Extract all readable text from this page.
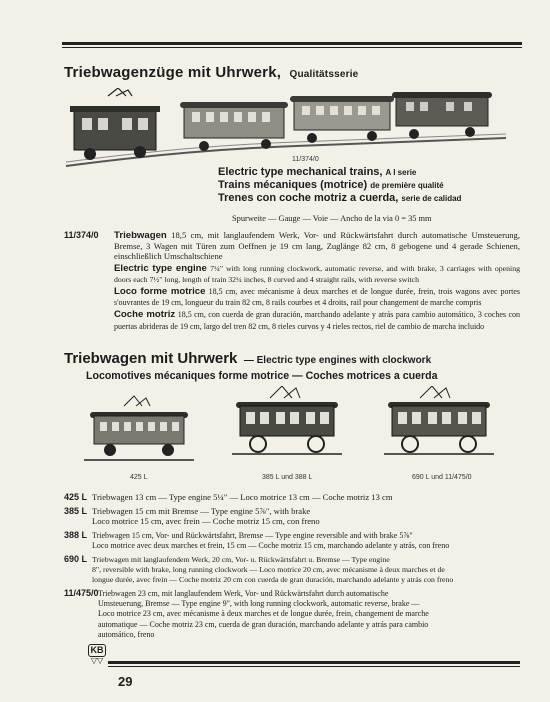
Triebwagenzüge mit Uhrwerk, Qualitätsserie
11/374/0
Electric type mechanical trains, A I serie
Trains mécaniques (motrice) de première qualité
Trenes con coche motriz a cuerda, serie de calidad
Spurweite — Gauge — Voie — Ancho de la via 0 = 35 mm
11/374/0 Triebwagen 18,5 cm, mit langlaufendem Werk, Vor- und Rückwärtsfahrt durch automatische Umsteuerung, Bremse, 3 Wagen mit Türen zum Oeffnen je 19 cm lang, Zuglänge 82 cm, 8 gebogene und 4 gerade Schienen, einschließlich Umschaltschiene
Electric type engine 7¼" with long running clockwork, automatic reverse, and with brake, 3 carriages with opening doors each 7½" long, length of train 32¼ inches, 8 curved and 4 straight rails, with reverse switch
Loco forme motrice 18,5 cm, avec mécanisme à deux marches et de longue durée, frein, trois wagons avec portes s'ouvrantes de 19 cm, longueur du train 82 cm, 8 rails courbes et 4 droits, rail pour changement de marche compris
Coche motriz 18,5 cm, con cuerda de gran duración, marchando adelante y atrás para cambio automático, 3 coches con puertas abrideras de 19 cm, largo del tren 82 cm, 8 rieles curvos y 4 rieles rectos, riel de cambio de marcha incluido
Triebwagen mit Uhrwerk — Electric type engines with clockwork
Locomotives mécaniques forme motrice — Coches motrices a cuerda
425 L	385 L und 388 L	690 L und 11/475/0
425 L Triebwagen 13 cm — Type engine 5¼" — Loco motrice 13 cm — Coche motriz 13 cm
385 L Triebwagen 15 cm mit Bremse — Type engine 5⅞", with brake
Loco motrice 15 cm, avec frein — Coche motriz 15 cm, con freno
388 L Triebwagen 15 cm, Vor- und Rückwärtsfahrt, Bremse — Type engine reversible and with brake 5⅞"
Loco motrice avec deux marches et frein, 15 cm — Coche motriz 15 cm, marchando adelante y atrás, con freno
690 L Triebwagen mit langlaufendem Werk, 20 cm, Vor- u. Rückwärtsfahrt u. Bremse — Type engine
8", reversible with brake, long running clockwork — Loco motrice 20 cm, avec mécanisme à deux marches et de
longue durée, avec frein — Coche motriz 20 cm con cuerda de gran duración, marchando adelante y atrás con freno
11/475/0Triebwagen 23 cm, mit langlaufendem Werk, Vor- und Rückwärtsfahrt durch automatische
Umsteuerung, Bremse — Type engine 9", with long running clockwork, automatic reverse, brake —
Loco motrice 23 cm, avec mécanisme à deux marches et de longue durée, frein, changement de marche
automatique — Coche motriz 23 cm, cuerda de gran duración, marchando adelante y atrás para cambio
automático, freno
KB
▽▽
29
